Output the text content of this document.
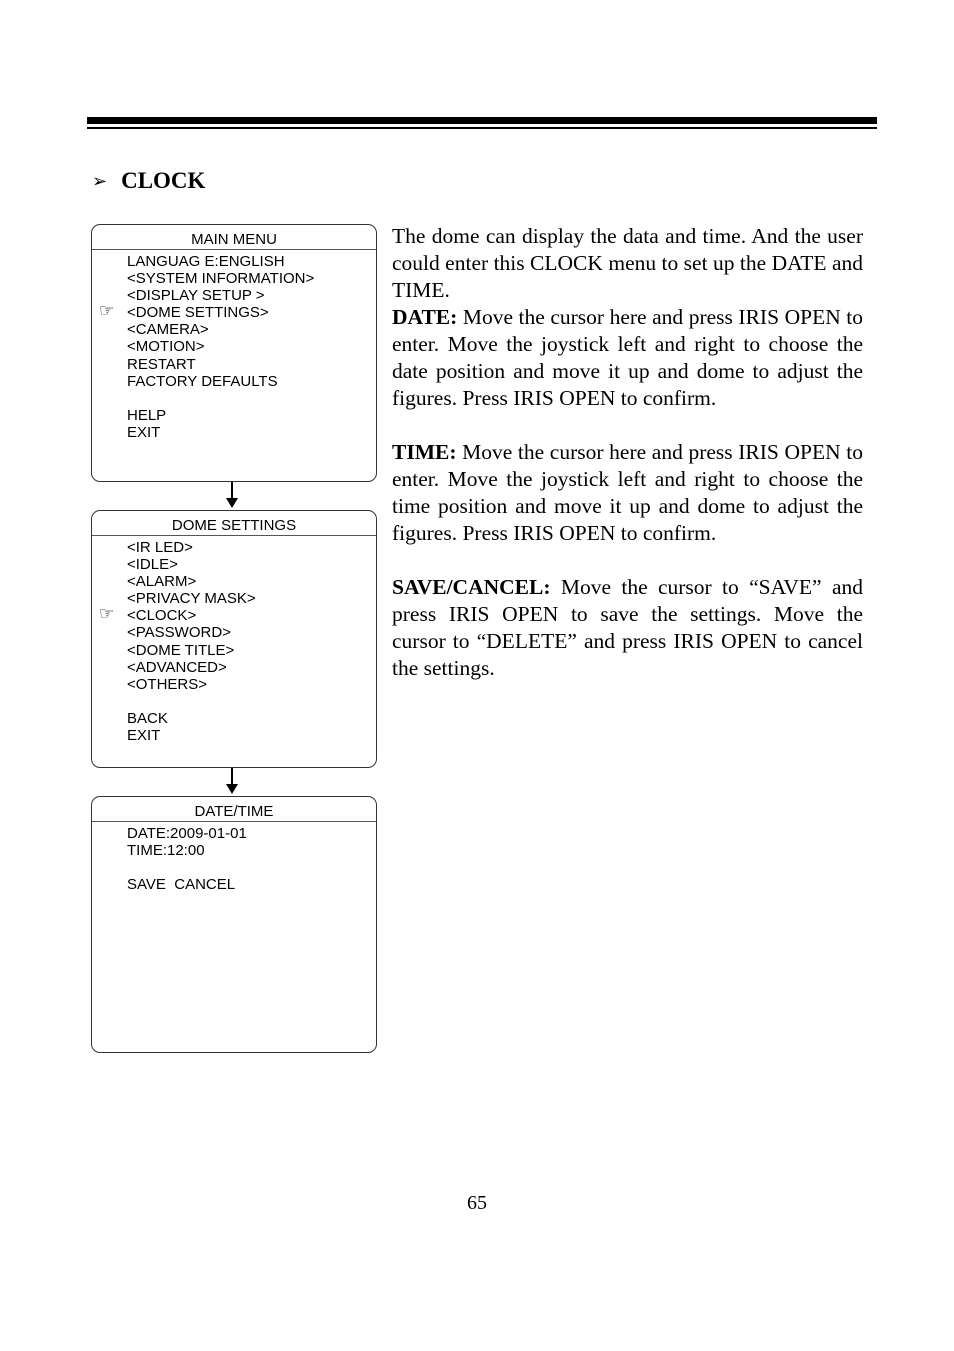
➢ CLOCK
MAIN MENU
LANGUAG E:ENGLISH
<SYSTEM INFORMATION>
<DISPLAY SETUP >
☞ <DOME SETTINGS>
<CAMERA>
<MOTION>
RESTART
FACTORY DEFAULTS
HELP
EXIT
DOME SETTINGS
<IR LED>
<IDLE>
<ALARM>
<PRIVACY MASK>
☞ <CLOCK>
<PASSWORD>
<DOME TITLE>
<ADVANCED>
<OTHERS>
BACK
EXIT
DATE/TIME
DATE:2009-01-01
TIME:12:00
SAVE  CANCEL

The dome can display the data and time. And the user could enter this CLOCK menu to set up the DATE and TIME.

DATE: Move the cursor here and press IRIS OPEN to enter. Move the joystick left and right to choose the date position and move it up and dome to adjust the figures. Press IRIS OPEN to confirm.

TIME: Move the cursor here and press IRIS OPEN to enter. Move the joystick left and right to choose the time position and move it up and dome to adjust the figures. Press IRIS OPEN to confirm.

SAVE/CANCEL: Move the cursor to “SAVE” and press IRIS OPEN to save the settings. Move the cursor to “DELETE” and press IRIS OPEN to cancel the settings.

65
